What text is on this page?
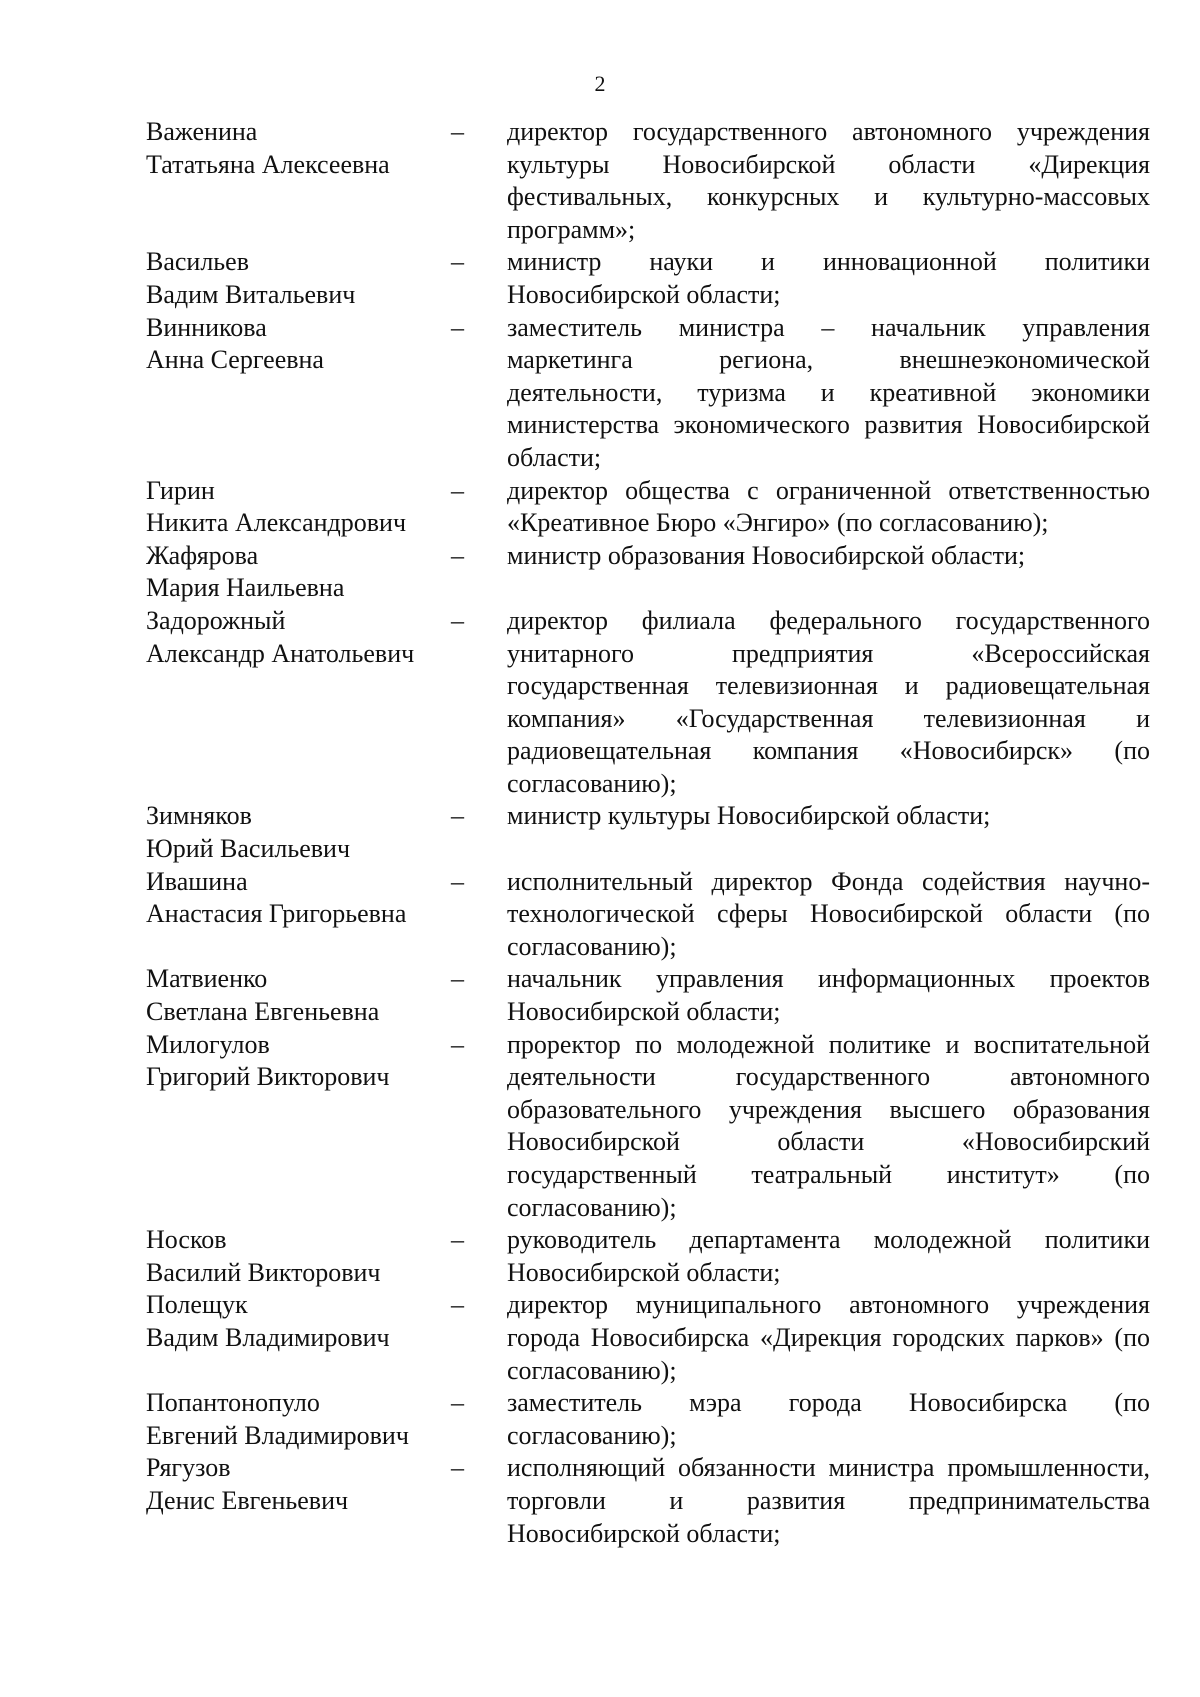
2
Важенина
Тататьяна Алексеевна
–	директор государственного автономного учреждения культуры Новосибирской области «Дирекция фестивальных, конкурсных и культурно-массовых программ»;
Васильев
Вадим Витальевич
–	министр науки и инновационной политики Новосибирской области;
Винникова
Анна Сергеевна
–	заместитель министра – начальник управления маркетинга региона, внешнеэкономической деятельности, туризма и креативной экономики министерства экономического развития Новосибирской области;
Гирин
Никита Александрович
–	директор общества с ограниченной ответственностью «Креативное Бюро «Энгиро» (по согласованию);
Жафярова
Мария Наильевна
–	министр образования Новосибирской области;
Задорожный
Александр Анатольевич
–	директор филиала федерального государственного унитарного предприятия «Всероссийская государственная телевизионная и радиовещательная компания» «Государственная телевизионная и радиовещательная компания «Новосибирск» (по согласованию);
Зимняков
Юрий Васильевич
–	министр культуры Новосибирской области;
Ивашина
Анастасия Григорьевна
–	исполнительный директор Фонда содействия научно-технологической сферы Новосибирской области (по согласованию);
Матвиенко
Светлана Евгеньевна
–	начальник управления информационных проектов Новосибирской области;
Милогулов
Григорий Викторович
–	проректор по молодежной политике и воспитательной деятельности государственного автономного образовательного учреждения высшего образования Новосибирской области «Новосибирский государственный театральный институт» (по согласованию);
Носков
Василий Викторович
–	руководитель департамента молодежной политики Новосибирской области;
Полещук
Вадим Владимирович
–	директор муниципального автономного учреждения города Новосибирска «Дирекция городских парков» (по согласованию);
Попантонопуло
Евгений Владимирович
–	заместитель мэра города Новосибирска (по согласованию);
Рягузов
Денис Евгеньевич
–	исполняющий обязанности министра промышленности, торговли и развития предпринимательства Новосибирской области;
